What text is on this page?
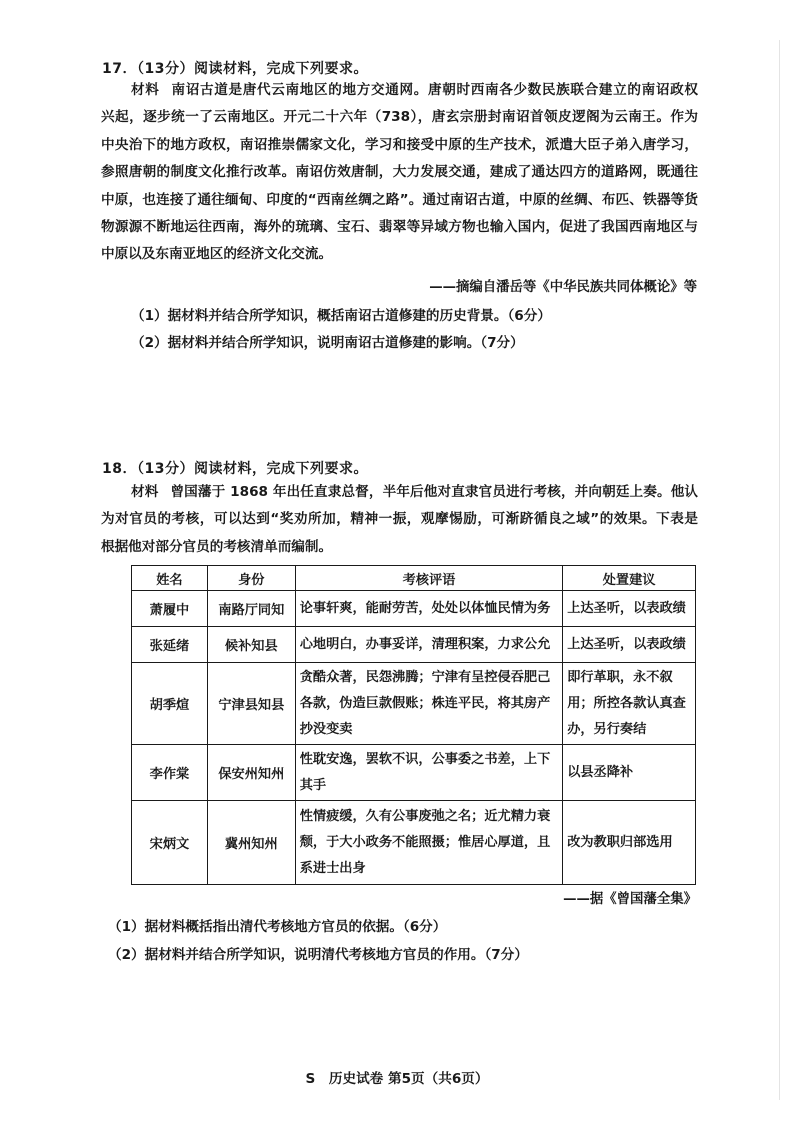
17．（13分）阅读材料，完成下列要求。
材料 南诏古道是唐代云南地区的地方交通网。唐朝时西南各少数民族联合建立的南诏政权
兴起，逐步统一了云南地区。开元二十六年（738），唐玄宗册封南诏首领皮逻阁为云南王。作为
中央治下的地方政权，南诏推崇儒家文化，学习和接受中原的生产技术，派遣大臣子弟入唐学习，
参照唐朝的制度文化推行改革。南诏仿效唐制，大力发展交通，建成了通达四方的道路网，既通往
中原，也连接了通往缅甸、印度的“西南丝绸之路”。通过南诏古道，中原的丝绸、布匹、铁器等货
物源源不断地运往西南，海外的琉璃、宝石、翡翠等异域方物也输入国内，促进了我国西南地区与
中原以及东南亚地区的经济文化交流。
——摘编自潘岳等《中华民族共同体概论》等
（1）据材料并结合所学知识，概括南诏古道修建的历史背景。（6分）
（2）据材料并结合所学知识，说明南诏古道修建的影响。（7分）
18．（13分）阅读材料，完成下列要求。
材料 曾国藩于 1868 年出任直隶总督，半年后他对直隶官员进行考核，并向朝廷上奏。他认
为对官员的考核，可以达到“奖劝所加，精神一振，观摩惕励，可渐跻循良之域”的效果。下表是
根据他对部分官员的考核清单而编制。
姓名	身份	考核评语	处置建议
萧履中	南路厅同知	论事轩爽，能耐劳苦，处处以体恤民情为务	上达圣听，以表政绩
张延绪	候补知县	心地明白，办事妥详，清理积案，力求公允	上达圣听，以表政绩
胡季煊	宁津县知县	贪酷众著，民怨沸腾；宁津有呈控侵吞肥己各款，伪造巨款假账；株连平民，将其房产抄没变卖	即行革职，永不叙用；所控各款认真查办，另行奏结
李作棠	保安州知州	性耽安逸，罢软不识，公事委之书差，上下其手	以县丞降补
宋炳文	冀州知州	性情疲缓，久有公事废弛之名；近尤精力衰颓，于大小政务不能照摄；惟居心厚道，且系进士出身	改为教职归部选用
——据《曾国藩全集》
（1）据材料概括指出清代考核地方官员的依据。（6分）
（2）据材料并结合所学知识，说明清代考核地方官员的作用。（7分）
S　历史试卷 第5页（共6页）
